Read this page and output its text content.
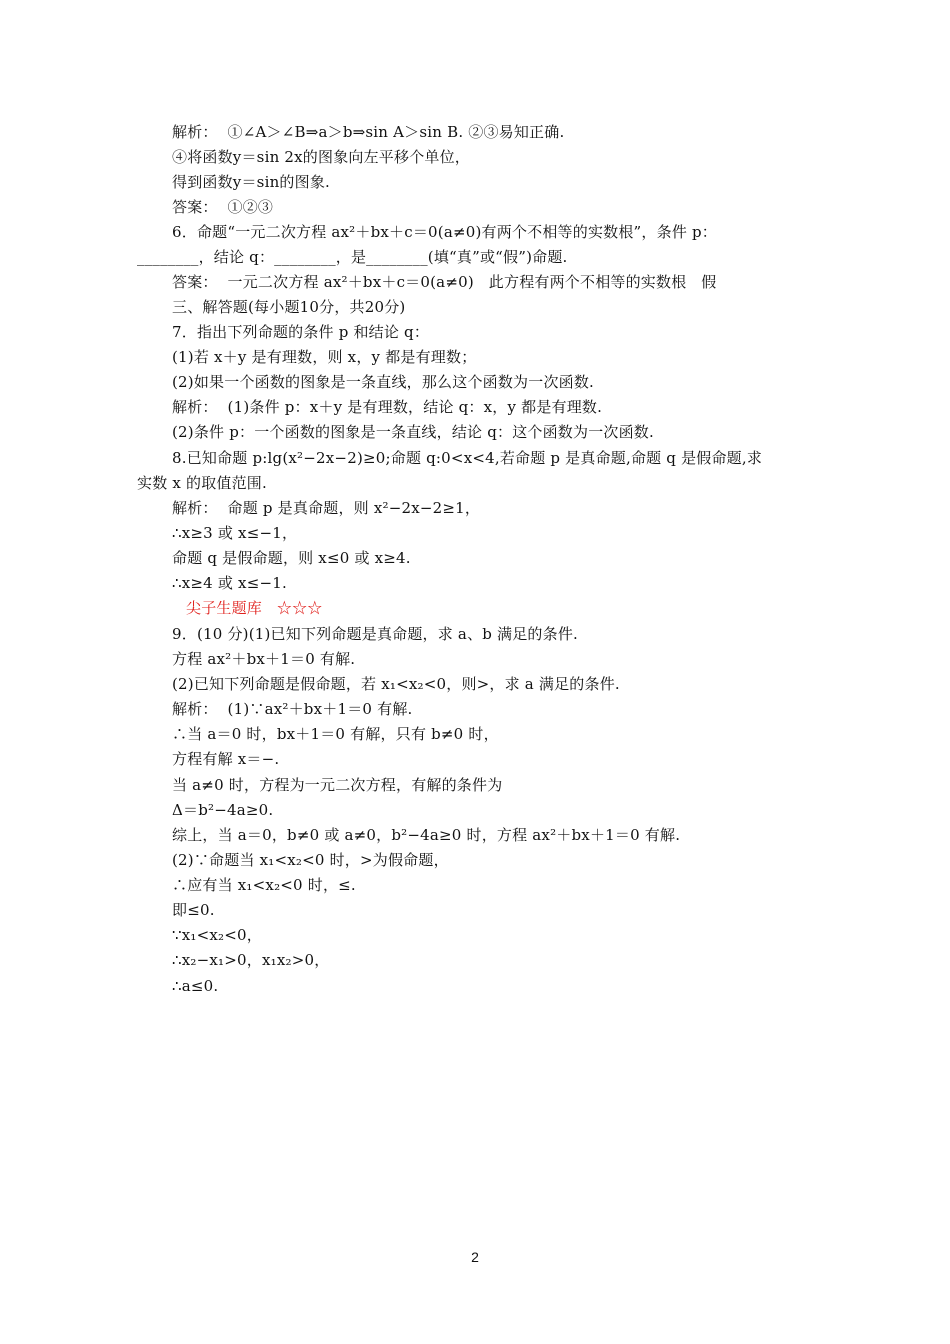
解析：  ①∠A＞∠B⇒a＞b⇒sin A＞sin B. ②③易知正确.
④将函数y＝sin 2x的图象向左平移个单位，
得到函数y＝sin的图象.
答案：  ①②③
6．命题“一元二次方程 ax²＋bx＋c＝0(a≠0)有两个不相等的实数根”，条件 p：
________，结论 q：________，是________(填“真”或“假”)命题.
答案：  一元二次方程 ax²＋bx＋c＝0(a≠0)   此方程有两个不相等的实数根   假
三、解答题(每小题10分，共20分)
7．指出下列命题的条件 p 和结论 q：
(1)若 x＋y 是有理数，则 x，y 都是有理数；
(2)如果一个函数的图象是一条直线，那么这个函数为一次函数.
解析：  (1)条件 p：x＋y 是有理数，结论 q：x，y 都是有理数.
(2)条件 p：一个函数的图象是一条直线，结论 q：这个函数为一次函数.
8.已知命题 p:lg(x²−2x−2)≥0;命题 q:0<x<4,若命题 p 是真命题,命题 q 是假命题,求
实数 x 的取值范围.
解析：  命题 p 是真命题，则 x²−2x−2≥1，
∴x≥3 或 x≤−1，
命题 q 是假命题，则 x≤0 或 x≥4.
∴x≥4 或 x≤−1.
尖子生题库   ☆☆☆
9．(10 分)(1)已知下列命题是真命题，求 a、b 满足的条件.
方程 ax²＋bx＋1＝0 有解.
(2)已知下列命题是假命题，若 x₁<x₂<0，则>，求 a 满足的条件.
解析：  (1)∵ax²＋bx＋1＝0 有解.
∴当 a＝0 时，bx＋1＝0 有解，只有 b≠0 时，
方程有解 x＝−.
当 a≠0 时，方程为一元二次方程，有解的条件为
Δ＝b²−4a≥0.
综上，当 a＝0，b≠0 或 a≠0，b²−4a≥0 时，方程 ax²＋bx＋1＝0 有解.
(2)∵命题当 x₁<x₂<0 时，>为假命题，
∴应有当 x₁<x₂<0 时，≤.
即≤0.
∵x₁<x₂<0，
∴x₂−x₁>0，x₁x₂>0，
∴a≤0.
2
